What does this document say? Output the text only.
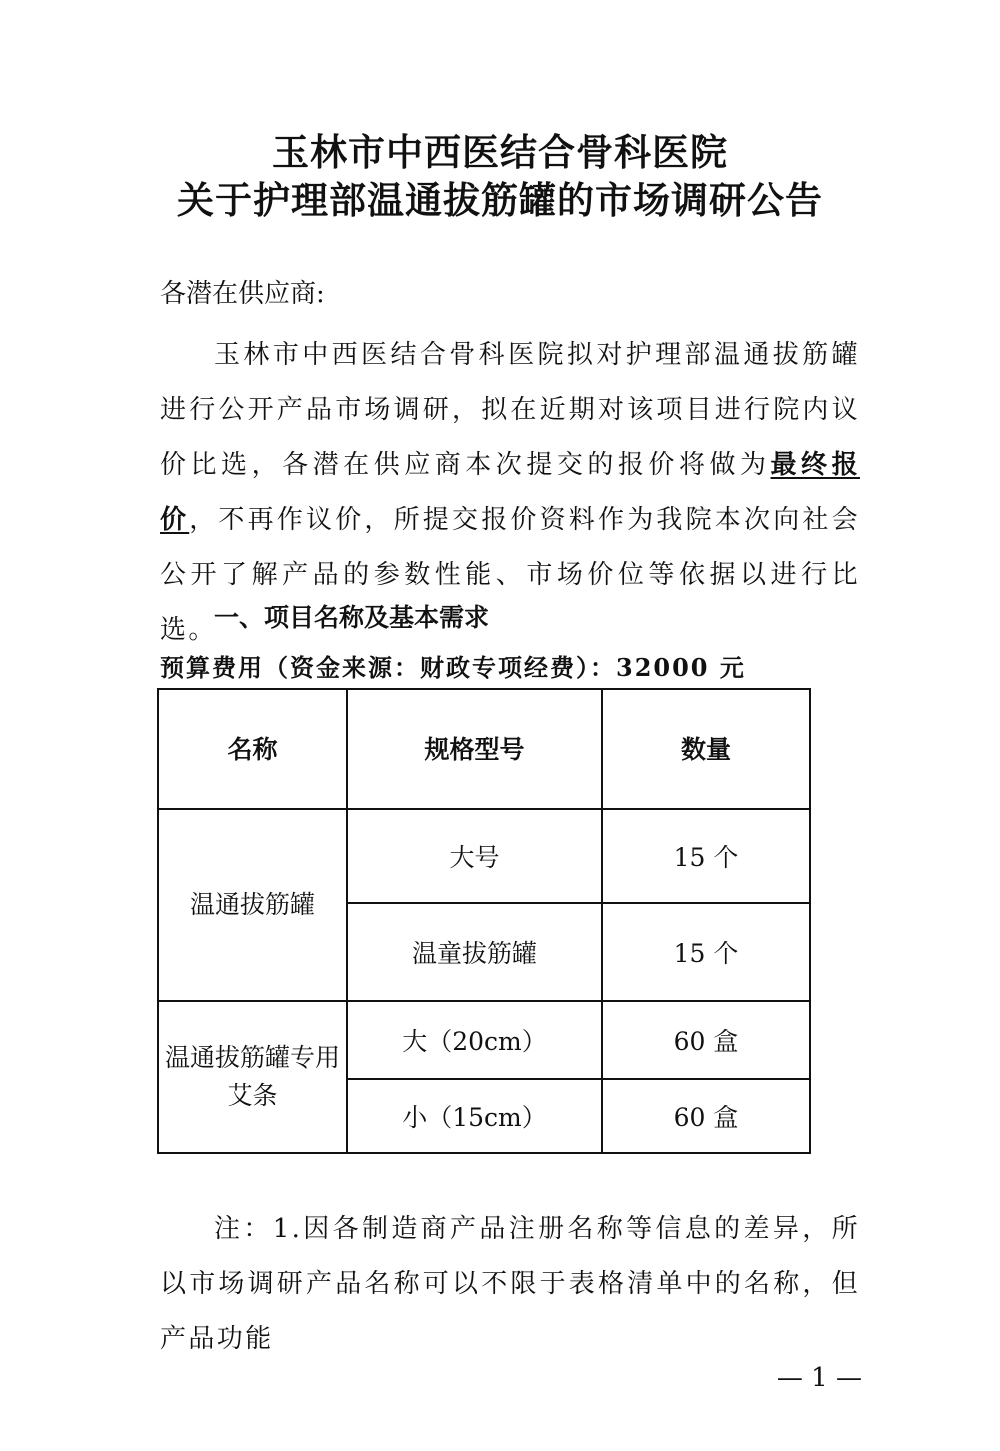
玉林市中西医结合骨科医院
关于护理部温通拔筋罐的市场调研公告
各潜在供应商:

玉林市中西医结合骨科医院拟对护理部温通拔筋罐进行公开产品市场调研，拟在近期对该项目进行院内议价比选，各潜在供应商本次提交的报价将做为最终报价，不再作议价，所提交报价资料作为我院本次向社会公开了解产品的参数性能、市场价位等依据以进行比选。

一、项目名称及基本需求
预算费用（资金来源：财政专项经费）：32000 元
名称	规格型号	数量
温通拔筋罐	大号	15 个
	温童拔筋罐	15 个
温通拔筋罐专用艾条	大（20cm）	60 盒
	小（15cm）	60 盒

注：1.因各制造商产品注册名称等信息的差异，所以市场调研产品名称可以不限于表格清单中的名称，但产品功能

— 1 —
